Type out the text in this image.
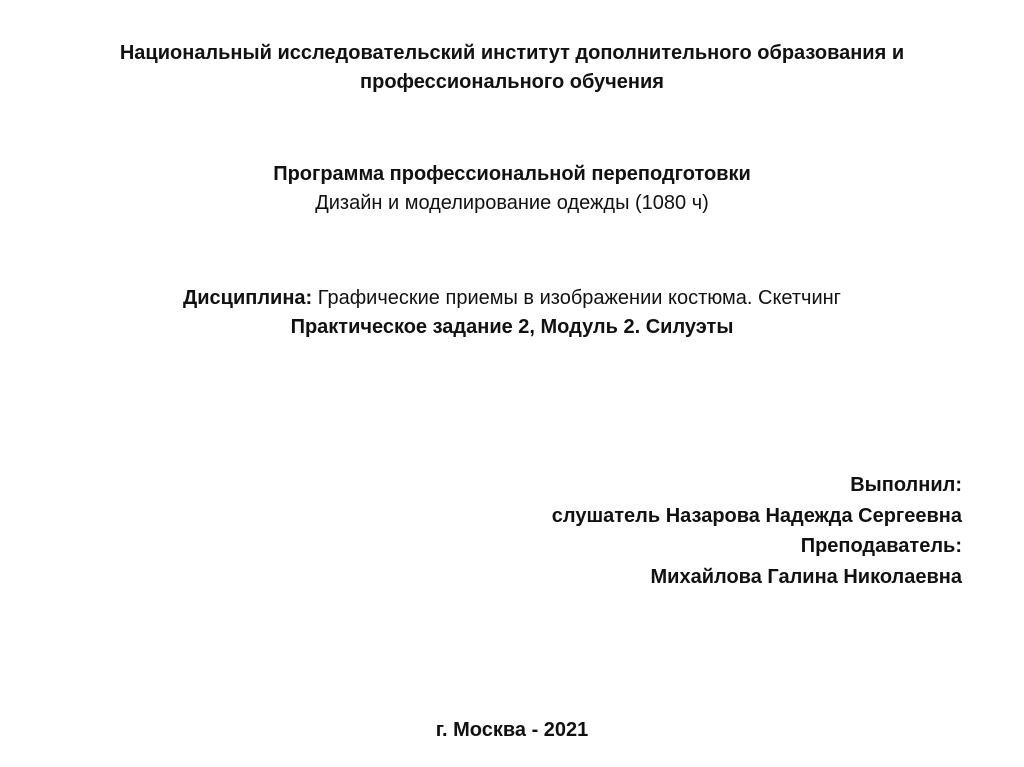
Национальный исследовательский институт дополнительного образования и
профессионального обучения
Программа профессиональной переподготовки
Дизайн и моделирование одежды (1080 ч)
Дисциплина: Графические приемы в изображении костюма. Скетчинг
Практическое задание 2, Модуль 2. Силуэты
Выполнил:
слушатель Назарова Надежда Сергеевна
Преподаватель:
Михайлова Галина Николаевна
г. Москва - 2021
